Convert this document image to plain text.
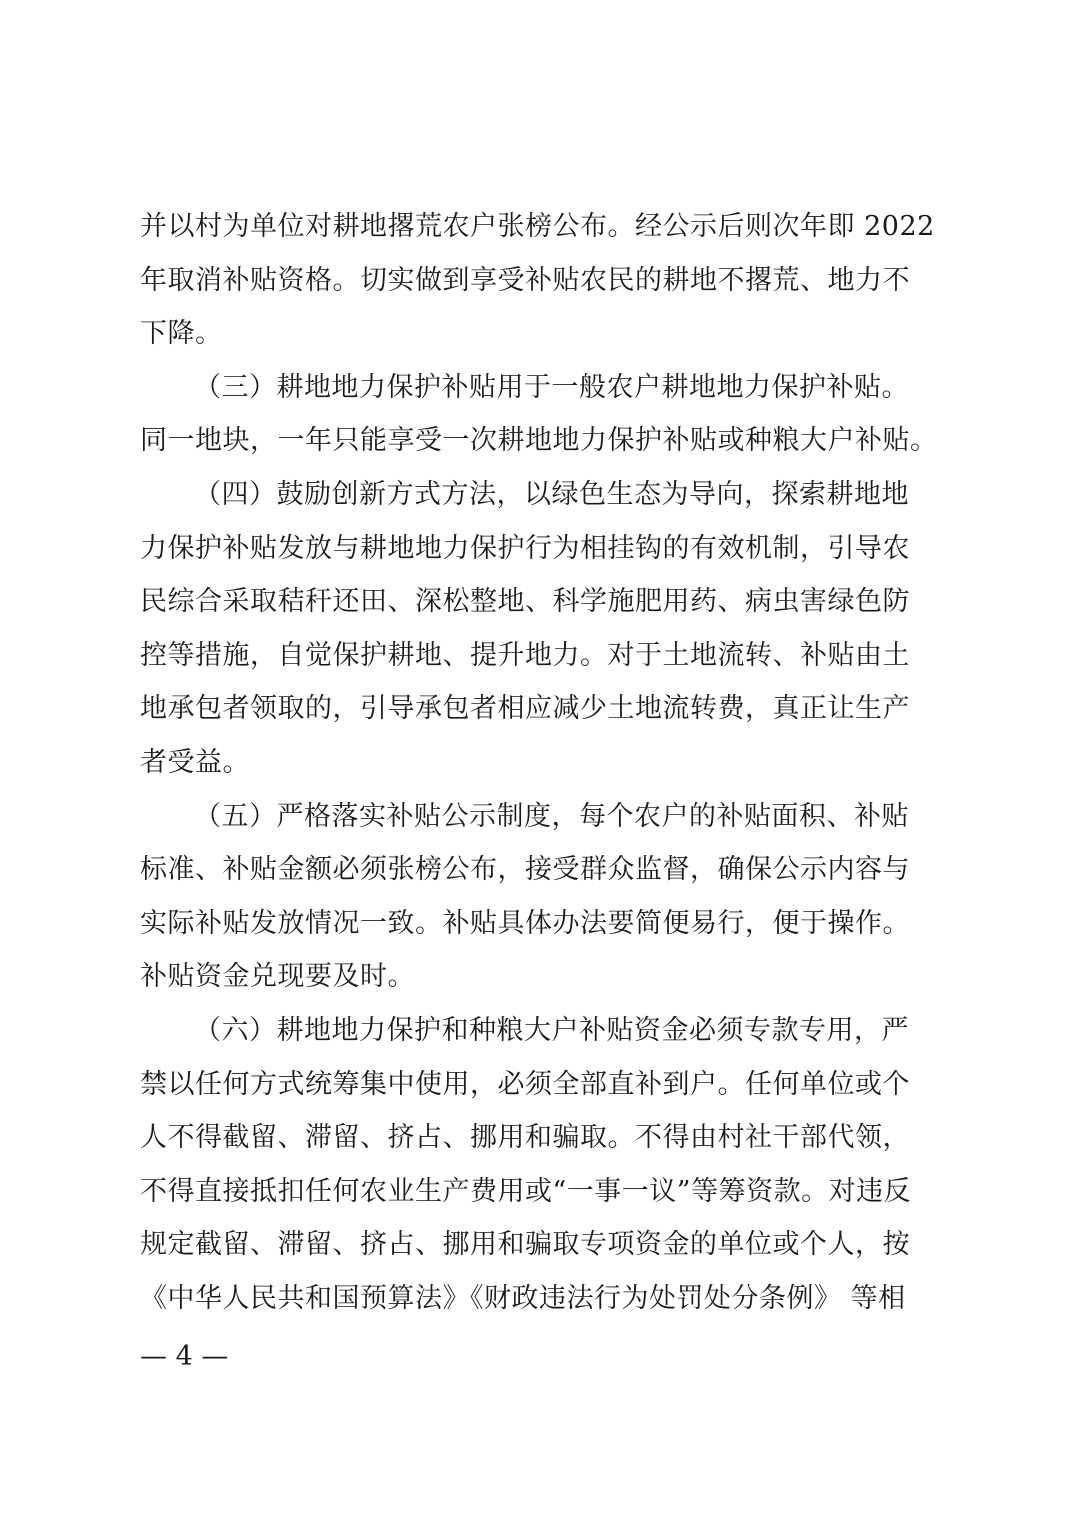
并以村为单位对耕地撂荒农户张榜公布。经公示后则次年即 2022
年取消补贴资格。切实做到享受补贴农民的耕地不撂荒、地力不
下降。
（三）耕地地力保护补贴用于一般农户耕地地力保护补贴。
同一地块，一年只能享受一次耕地地力保护补贴或种粮大户补贴。
（四）鼓励创新方式方法，以绿色生态为导向，探索耕地地
力保护补贴发放与耕地地力保护行为相挂钩的有效机制，引导农
民综合采取秸秆还田、深松整地、科学施肥用药、病虫害绿色防
控等措施，自觉保护耕地、提升地力。对于土地流转、补贴由土
地承包者领取的，引导承包者相应减少土地流转费，真正让生产
者受益。
（五）严格落实补贴公示制度，每个农户的补贴面积、补贴
标准、补贴金额必须张榜公布，接受群众监督，确保公示内容与
实际补贴发放情况一致。补贴具体办法要简便易行，便于操作。
补贴资金兑现要及时。
（六）耕地地力保护和种粮大户补贴资金必须专款专用，严
禁以任何方式统筹集中使用，必须全部直补到户。任何单位或个
人不得截留、滞留、挤占、挪用和骗取。不得由村社干部代领，
不得直接抵扣任何农业生产费用或“一事一议”等筹资款。对违反
规定截留、滞留、挤占、挪用和骗取专项资金的单位或个人，按
《中华人民共和国预算法》《财政违法行为处罚处分条例》 等相
— 4 —
